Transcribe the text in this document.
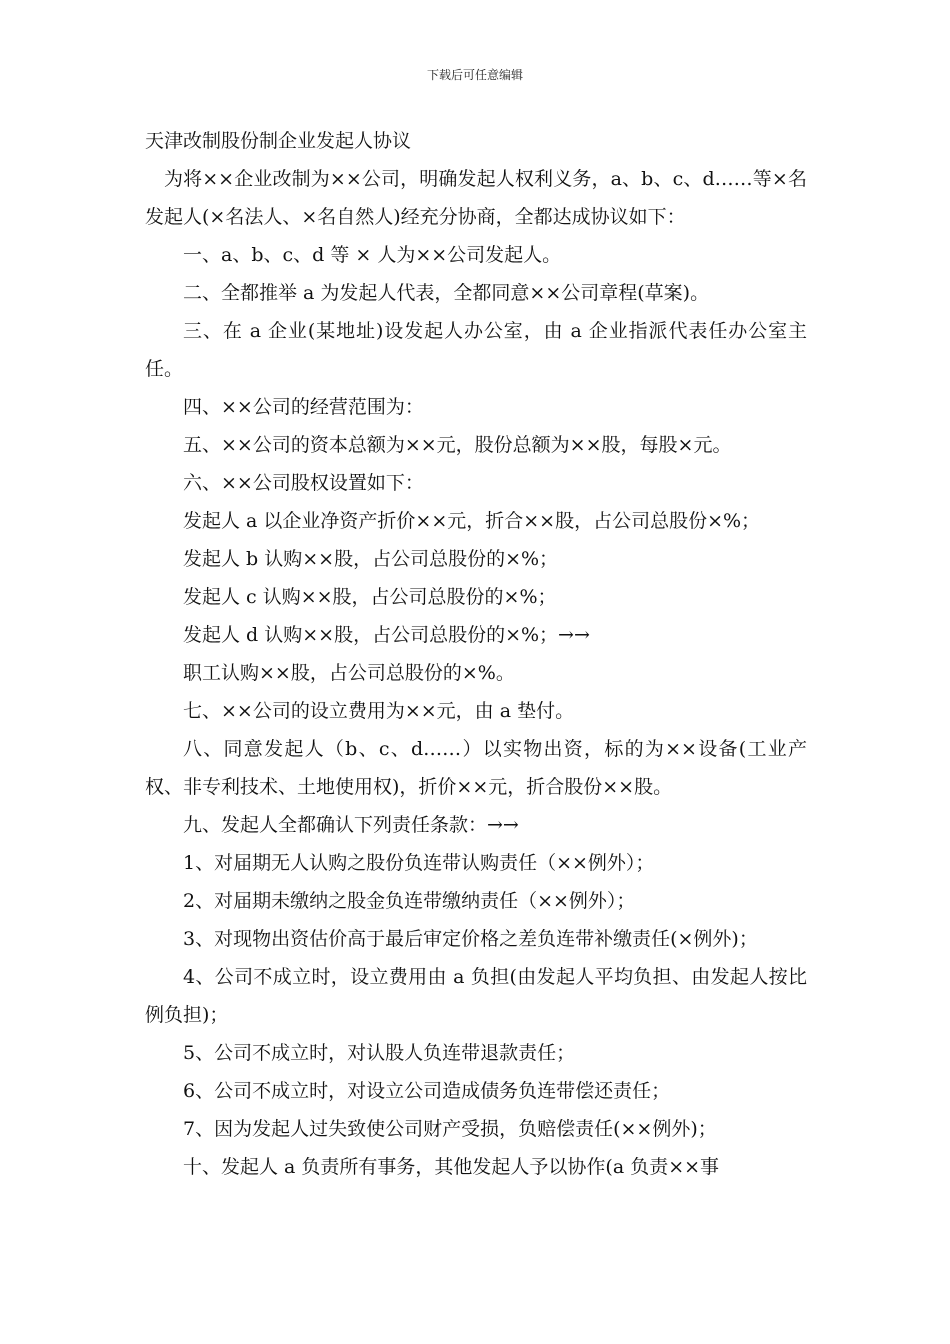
下载后可任意编辑

天津改制股份制企业发起人协议

为将××企业改制为××公司，明确发起人权利义务，a、b、c、d……等×名发起人(×名法人、×名自然人)经充分协商，全都达成协议如下：

一、a、b、c、d 等 × 人为××公司发起人。

二、全都推举 a 为发起人代表，全都同意××公司章程(草案)。

三、在 a 企业(某地址)设发起人办公室，由 a 企业指派代表任办公室主任。

四、××公司的经营范围为：

五、××公司的资本总额为××元，股份总额为××股，每股×元。

六、××公司股权设置如下：

发起人 a 以企业净资产折价××元，折合××股，占公司总股份×%；

发起人 b 认购××股，占公司总股份的×%；

发起人 c 认购××股，占公司总股份的×%；

发起人 d 认购××股，占公司总股份的×%；→→

职工认购××股，占公司总股份的×%。

七、××公司的设立费用为××元，由 a 垫付。

八、同意发起人（b、c、d……）以实物出资，标的为××设备(工业产权、非专利技术、土地使用权)，折价××元，折合股份××股。

九、发起人全都确认下列责任条款：→→

1、对届期无人认购之股份负连带认购责任（××例外）；

2、对届期未缴纳之股金负连带缴纳责任（××例外）；

3、对现物出资估价高于最后审定价格之差负连带补缴责任(×例外)；

4、公司不成立时，设立费用由 a 负担(由发起人平均负担、由发起人按比例负担)；

5、公司不成立时，对认股人负连带退款责任；

6、公司不成立时，对设立公司造成债务负连带偿还责任；

7、因为发起人过失致使公司财产受损，负赔偿责任(××例外)；

十、发起人 a 负责所有事务，其他发起人予以协作(a 负责××事
